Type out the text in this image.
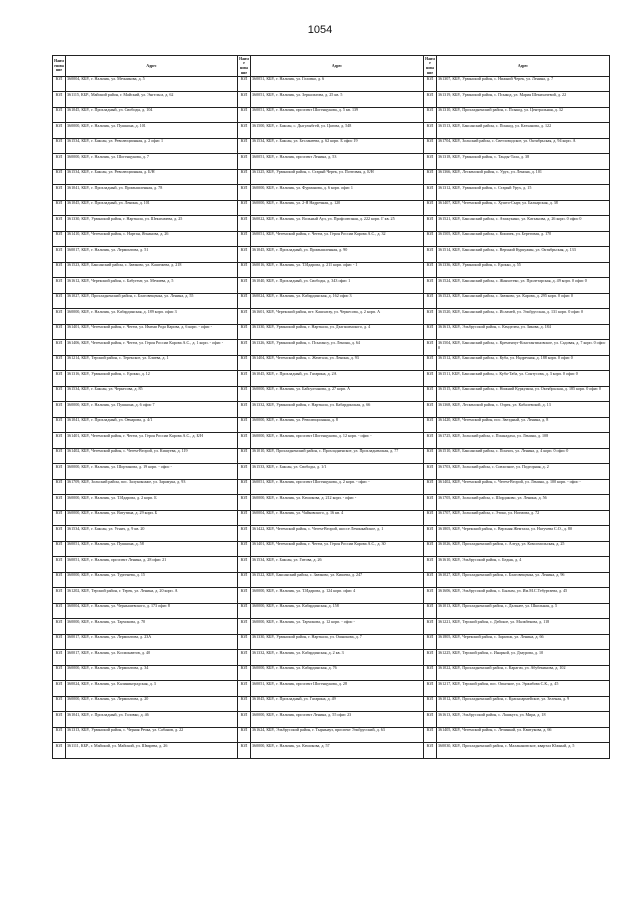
1054
Наим енова ние	Адрес	Наиме нова ние	Адрес	Наиме нова ние	Адрес
ЮЛ	360004, КБР., г. Нальчик, ул. Мечникова, д. 5	ЮЛ	360051, КБР., г. Нальчик, ул. Головко, д. 6	ЮЛ	361307, КБР., Урванский район, с. Нижний Черек, ул. Ленина, д. 7
ЮЛ	361115, КБР., Майский район, г. Майский, ул. Энгельса, д. 62	ЮЛ	360051, КБР., г. Нальчик, ул. Зеркальтова, д. 25 кв. 5	ЮЛ	361319, КБР., Урванский район, с. Псыкод, ул. Мария Шекихачевой, д. 22
ЮЛ	361045, КБР., г. Прохладный, ул. Свободы, д. 104	ЮЛ	360051, КБР., г. Нальчик, проспект Шогенцукова, д. 5 кв. 139	ЮЛ	361310, КБР., Прохладненский район, с. Псыкод, ул. Центральная, д. 32
ЮЛ	360000, КБР., г. Нальчик, ул. Пушкина, д. 101	ЮЛ	361500, КБР., г. Баксан, с. Дыгулыбгей, ул. Цагова, д. 548	ЮЛ	361513, КБР., Баксанский район, с. Псыкод, ул. Катханова, д. 122
ЮЛ	361534, КБР., г. Баксан, ул. Революционная, д. 2 офис 1	ЮЛ	361534, КБР., г. Баксан, ул. Бесланеева, д. 62 корп. Б офис 19	ЮЛ	361704, КБР., Зольский район, с. Светловодское, ул. Октябрьская, д. 94 корп. А
ЮЛ	360000, КБР., г. Нальчик, ул. Шогенцукова, д. 7	ЮЛ	360051, КБР., г. Нальчик, проспект Ленина, д. 53	ЮЛ	361318, КБР., Урванский район, с. Танды-Тала, д. 38
ЮЛ	361534, КБР., г. Баксан, ул. Революционная, д. Б/Н	ЮЛ	361325, КБР., Урванский район, с. Старый Черек, ул. Почтовая, д. Б/Н	ЮЛ	361366, КБР., Лескенский район, с. Урух, ул. Ленина, д. 101
ЮЛ	361041, КБР., г. Прохладный, ул. Промышленная, д. 78	ЮЛ	360000, КБР., г. Нальчик, ул. Фурманова, д. 6 корп. офис 1	ЮЛ	361312, КБР., Урванский район, с. Старый Урух, д. 15
ЮЛ	361045, КБР., г. Прохладный, ул. Ленина, д. 101	ЮЛ	360000, КБР., г. Нальчик, ул. 2-Я Надречная, д. 120	ЮЛ	361407, КБР., Чегемский район, с. Хушто-Сырт, ул. Балкарская, д. 38
ЮЛ	361330, КБР., Урванский район, г. Нарткала, ул. Шекихачева, д. 25	ЮЛ	360022, КБР., г. Нальчик, ул. Вольный Аул, ул. Профсоюзная, д. 222 корп. Г кв. 25	ЮЛ	361521, КБР., Баксанский район, с. Атажукино, ул. Катханова, д. 26 корп. 0 офис 0
ЮЛ	361410, КБР., Чегемский район, с. Нартан, Ягнанова, д. 26	ЮЛ	360051, КБР., Чегемский район, г. Чегем, ул. Героя России Карова А.С., д. 32	ЮЛ	361505, КБР., Баксанский район, с. Кишпек, ул. Береговая, д. 170
ЮЛ	360017, КБР., г. Нальчик, ул. Лермонтова, д. 51	ЮЛ	361045, КБР., г. Прохладный, ул. Промышленная, д. 90	ЮЛ	361514, КБР., Баксанский район, с. Верхний Куркужин, ул. Октябрьская, д. 133
ЮЛ	361523, КБР., Баксанский район, с. Заюково, ул. Кашежева, д. 218	ЮЛ	360016, КБР., г. Нальчик, ул. Т.Идарова, д. 211 корп. офис - 1	ЮЛ	361336, КБР., Урванский район, с. Ерокко, д. 55
ЮЛ	361612, КБР., Черекский район, с. Бабугент, ул. Мечиева, д. 5	ЮЛ	361040, КБР., г. Прохладный, ул. Свободы, д. 343 офис 1	ЮЛ	361524, КБР., Баксанский район, с. Жанхотеко, ул. Пролетарская, д. 49 корп. 0 офис 0
ЮЛ	361027, КБР., Прохладненский район, с. Благовещенка, ул. Ленина, д. 55	ЮЛ	360024, КБР., г. Нальчик, ул. Кабардинская, д. 162 офис 3	ЮЛ	361523, КБР., Баксанский район, с. Заюково, ул. Карова, д. 295 корп. 0 офис 0
ЮЛ	360000, КБР., г. Нальчик, ул. Кабардинская, д. 189 корп. офис 3	ЮЛ	361601, КБР., Черекский район, пгт. Кашхатау, ул. Черкесова, д. 2 корп. А	ЮЛ	361520, КБР., Баксанский район, с. Исламей, ул. Эльбрусская, д. 131 корп. 0 офис 0
ЮЛ	361401, КБР., Чегемский район, г. Чегем, ул. Имени Рода Карова, д. 6 корп. - офис -	ЮЛ	361330, КБР., Урванский район, г. Нарткала, ул. Дзагашенского, д. 4	ЮЛ	361613, КБР., Эльбрусский район, с. Кенделен, ул. Зикова, д. 184
ЮЛ	361406, КБР., Чегемский район, г. Чегем, ул. Героя России Карова А.С., д. 1 корп. - офис -	ЮЛ	361326, КБР., Урванский район, с. Псыгансу, ул. Ленина, д. 64	ЮЛ	361504, КБР., Баксанский район, с. Кременчуг-Константиновское, ул. Садовая, д. 7 корп. 0 офис 0
ЮЛ	361214, КБР., Терский район, с. Терекское, ул. Блиева, д. 1	ЮЛ	361404, КБР., Чегемский район, с. Жемтала, ул. Ленина, д. 93	ЮЛ	361512, КБР., Баксанский район, с. Куба, ул. Надречная, д. 188 корп. 0 офис 0
ЮЛ	361316, КБР., Урванский район, с. Ерокко, д. 12	ЮЛ	361045, КБР., г. Прохладный, ул. Гагарина, д. 2А	ЮЛ	361511, КБР., Баксанский район, с. Куба-Таба, ул. Сонтусова, д. 3 корп. 0 офис 0
ЮЛ	361534, КБР., г. Баксан, ул. Черкесова, д. 85	ЮЛ	360000, КБР., г. Нальчик, ул. Байсултанова, д. 27 корп. А	ЮЛ	361515, КБР., Баксанский район, с. Нижний Куркужин, ул. Октябрьская, д. 185 корп. 0 офис 0
ЮЛ	360000, КБР., г. Нальчик, ул. Пушкина, д. 6 офис 7	ЮЛ	361332, КБР., Урванский район, г. Нарткала, ул. Кабардинская, д. 66	ЮЛ	361368, КБР., Лескенский район, с. Озрек, ул. Кабалевской, д. 13
ЮЛ	361041, КБР., г. Прохладный, ул. Овчарова, д. 4/1	ЮЛ	360000, КБР., г. Нальчик, ул. Революционная, д. 8	ЮЛ	361420, КБР., Чегемский район, пос. Звездный, ул. Ленина, д. 8
ЮЛ	361401, КБР., Чегемский район, г. Чегем, ул. Героя России Карова А.С., д. Б/Н	ЮЛ	360000, КБР., г. Нальчик, проспект Шогенцукова, д. 12 корп. - офис -	ЮЛ	361725, КБР., Зольский район, с. Псынадаха, ул. Ленина, д. 108
ЮЛ	361402, КБР., Чегемский район, с. Чегем-Второй, ул. Кишуева, д. 119	ЮЛ	361010, КБР., Прохладненский район, с. Прохладненское, ул. Прохладненская, д. 77	ЮЛ	361510, КБР., Баксанский район, с. Псычох, ул. Ленина, д. 4 корп. 0 офис 0
ЮЛ	360000, КБР., г. Нальчик, ул. Шортанова, д. 19 корп. - офис -	ЮЛ	361533, КБР., г. Баксан, ул. Свободы, д. 1/1	ЮЛ	361703, КБР., Зольский район, с. Совхозное, ул. Подгорная, д. 2
ЮЛ	361709, КБР., Зольский район, пос. Залукокоаже, ул. Зарамука, д. 93	ЮЛ	360051, КБР., г. Нальчик, проспект Шогенцукова, д. 2 корп. - офис -	ЮЛ	361402, КБР., Чегемский район, с. Чегем-Второй, ул. Ленина, д. 100 корп. - офис -
ЮЛ	360000, КБР., г. Нальчик, ул. Т.Идарова, д. 2 корп. Б	ЮЛ	360000, КБР., г. Нальчик, ул. Кешокова, д. 212 корп. - офис -	ЮЛ	361705, КБР., Зольский район, с. Шордаково, ул. Ленина, д. 56
ЮЛ	360000, КБР., г. Нальчик, ул. Ватутина, д. 29 корп. Б	ЮЛ	360004, КБР., г. Нальчик, ул. Чайковского, д. 16 кв. 4	ЮЛ	361707, КБР., Зольский район, с. Этоко, ул. Ногмова, д. 72
ЮЛ	361534, КБР., г. Баксан, ул. Угнич, д. 9 кв. 20	ЮЛ	361422, КБР., Чегемский район, с. Чегем-Второй, шоссе Лечинкайское, д. 1	ЮЛ	361805, КБР., Черекский район, с. Верхняя Жемтала, ул. Нагучева С.О., д. 80
ЮЛ	360051, КБР., г. Нальчик, ул. Пушкина, д. 58	ЮЛ	361401, КБР., Чегемский район, г. Чегем, ул. Героя России Карова А.С., д. 30	ЮЛ	361026, КБР., Прохладненский район, с. Алтуд, ул. Комсомольская, д. 25
ЮЛ	360051, КБР., г. Нальчик, проспект Ленина, д. 28 офис 21	ЮЛ	361534, КБР., г. Баксан, ул. Гитова, д. 26	ЮЛ	361610, КБР., Эльбрусский район, с. Бедык, д. 4
ЮЛ	360000, КБР., г. Нальчик, ул. Тургенева, д. 15	ЮЛ	361522, КБР., Баксанский район, с. Заюково, ул. Кишева, д. 247	ЮЛ	361027, КБР., Прохладненский район, с. Благовещенка, ул. Ленина, д. 96
ЮЛ	361202, КБР., Терский район, г. Терек, ул. Ленина, д. 20 корп. А	ЮЛ	360000, КБР., г. Нальчик, ул. Т.Идарова, д. 124 корп. офис 4	ЮЛ	361606, КБР., Эльбрусский район, с. Былым, ул. Им.М.С.Тебуртаева, д. 45
ЮЛ	360004, КБР., г. Нальчик, ул. Чернышевского, д. 173 офис 8	ЮЛ	360000, КБР., г. Нальчик, ул. Кабардинская, д. 158	ЮЛ	361013, КБР., Прохладненский район, с. Дальнее, ул. Школьная, д. 5
ЮЛ	360000, КБР., г. Нальчик, ул. Тарчокова, д. 70	ЮЛ	360000, КБР., г. Нальчик, ул. Тарчокова, д. 12 корп. - офис -	ЮЛ	361221, КБР., Терский район, с. Дейское, ул. Малкбекова, д. 118
ЮЛ	360017, КБР., г. Нальчик, ул. Лермонтова, д. 23А	ЮЛ	361330, КБР., Урванский район, г. Нарткала, ул. Ошнокова, д. 7	ЮЛ	361805, КБР., Черекский район, с. Зарагиж, ул. Ленина, д. 66
ЮЛ	360017, КБР., г. Нальчик, ул. Космонавтов, д. 40	ЮЛ	361332, КБР., г. Нальчик, ул. Кабардинская, д. 2 кв. 3	ЮЛ	361225, КБР., Терский район, с. Инаркой, ул. Дзаурова, д. 10
ЮЛ	360000, КБР., г. Нальчик, ул. Лермонтова, д. 34	ЮЛ	360000, КБР., г. Нальчик, ул. Кабардинская, д. 76	ЮЛ	361022, КБР., Прохладненский район, с. Карагач, ул. Абубекинова, д. 102
ЮЛ	360024, КБР., г. Нальчик, ул. Калининградская, д. 3	ЮЛ	360051, КБР., г. Нальчик, проспект Шогенцукова, д. 28	ЮЛ	361217, КБР., Терский район, пос. Опытное, ул. Эржибова С.К., д. 45
ЮЛ	360000, КБР., г. Нальчик, ул. Лермонтова, д. 20	ЮЛ	361045, КБР., г. Прохладный, ул. Гагарина, д. 49	ЮЛ	361012, КБР., Прохладненский район, с. Красноармейское, ул. Зеленая, д. 9
ЮЛ	361041, КБР., г. Прохладный, ул. Головко, д. 46	ЮЛ	360000, КБР., г. Нальчик, проспект Ленина, д. 55 офис 23	ЮЛ	361613, КБР., Эльбрусский район, с. Лашкута, ул. Мира, д. 18
ЮЛ	361313, КБР., Урванский район, с. Черная Речка, ул. Сабанов, д. 22	ЮЛ	361624, КБР., Эльбрусский район, г. Тырныауз, проспект Эльбрусский, д. 63	ЮЛ	361405, КБР., Чегемский район, с. Лечинкай, ул. Квитукова, д. 66
ЮЛ	361111, КБР., г. Майский, ул. Майский, ул. Шварева, д. 26	ЮЛ	360000, КБР., г. Нальчик, ул. Кешокова, д. 57	ЮЛ	360030, КБР., Прохладненский район, с. Малакановское, квартал Южный, д. 5
